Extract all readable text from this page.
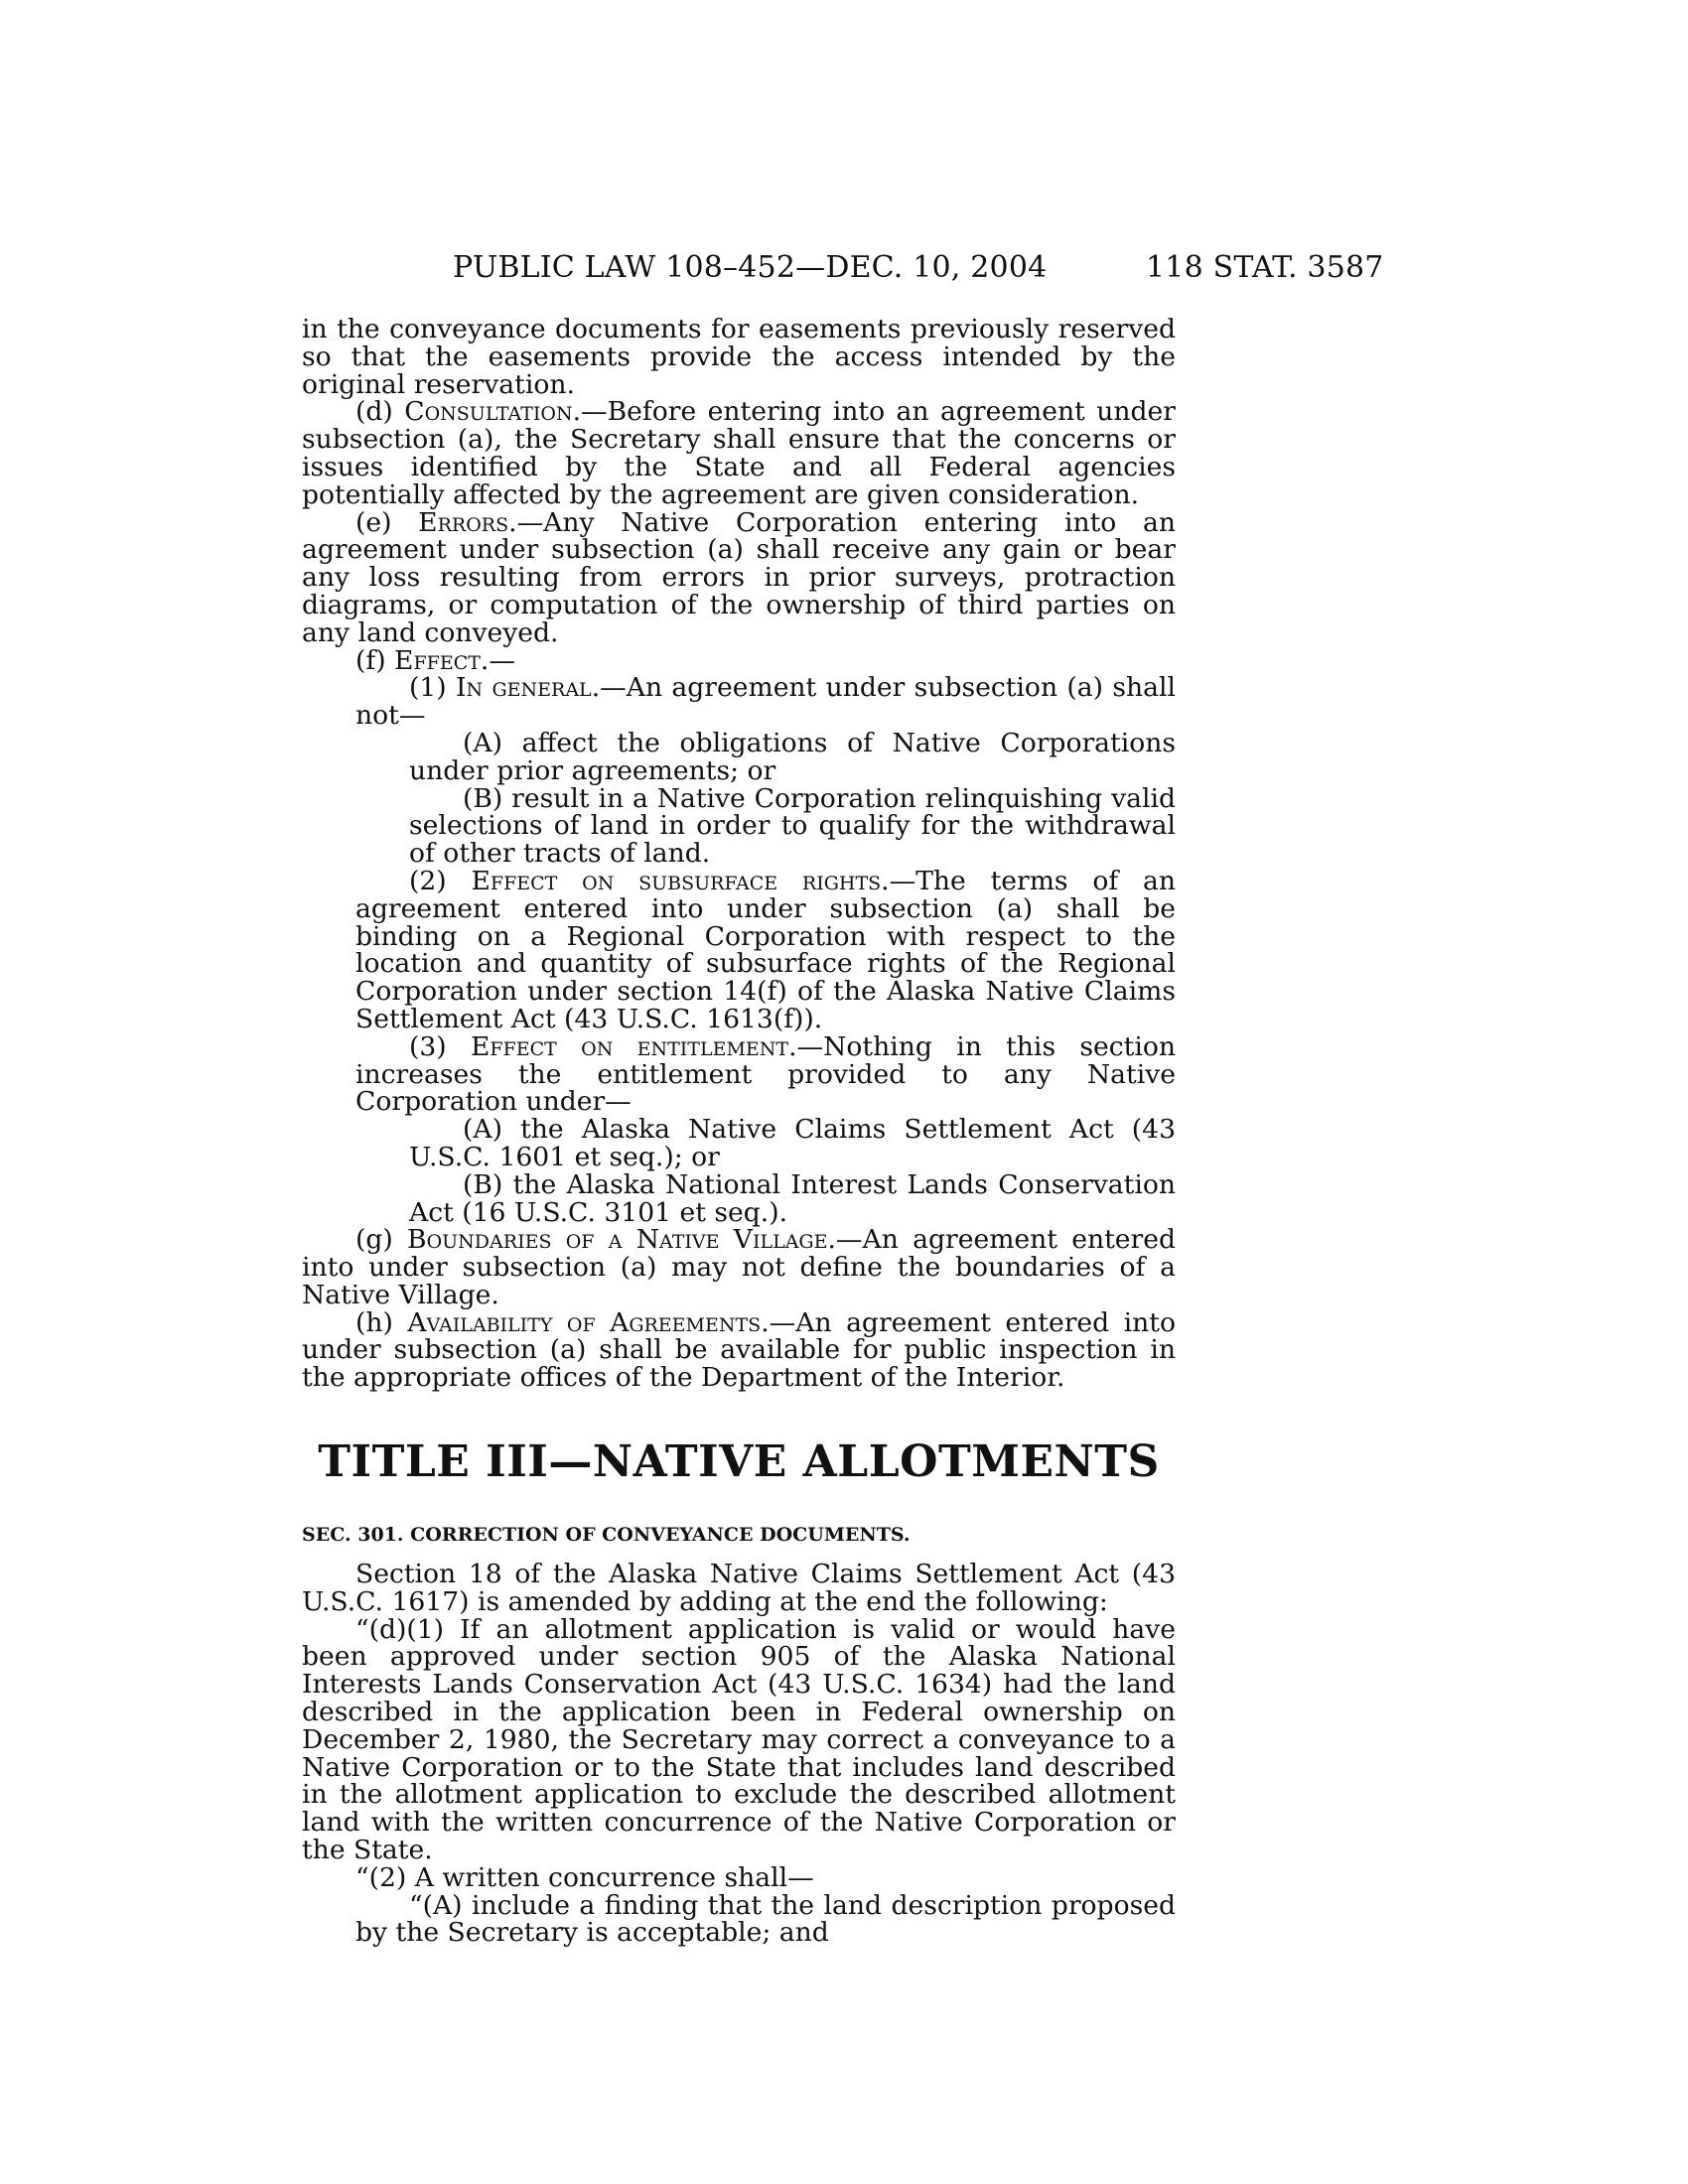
PUBLIC LAW 108–452—DEC. 10, 2004	118 STAT. 3587

in the conveyance documents for easements previously reserved so that the easements provide the access intended by the original reservation.

(d) Consultation.—Before entering into an agreement under subsection (a), the Secretary shall ensure that the concerns or issues identified by the State and all Federal agencies potentially affected by the agreement are given consideration.

(e) Errors.—Any Native Corporation entering into an agreement under subsection (a) shall receive any gain or bear any loss resulting from errors in prior surveys, protraction diagrams, or computation of the ownership of third parties on any land conveyed.

(f) Effect.—

(1) In general.—An agreement under subsection (a) shall not—

(A) affect the obligations of Native Corporations under prior agreements; or

(B) result in a Native Corporation relinquishing valid selections of land in order to qualify for the withdrawal of other tracts of land.

(2) Effect on subsurface rights.—The terms of an agreement entered into under subsection (a) shall be binding on a Regional Corporation with respect to the location and quantity of subsurface rights of the Regional Corporation under section 14(f) of the Alaska Native Claims Settlement Act (43 U.S.C. 1613(f)).

(3) Effect on entitlement.—Nothing in this section increases the entitlement provided to any Native Corporation under—

(A) the Alaska Native Claims Settlement Act (43 U.S.C. 1601 et seq.); or

(B) the Alaska National Interest Lands Conservation Act (16 U.S.C. 3101 et seq.).

(g) Boundaries of a Native Village.—An agreement entered into under subsection (a) may not define the boundaries of a Native Village.

(h) Availability of Agreements.—An agreement entered into under subsection (a) shall be available for public inspection in the appropriate offices of the Department of the Interior.

TITLE III—NATIVE ALLOTMENTS

SEC. 301. CORRECTION OF CONVEYANCE DOCUMENTS.

Section 18 of the Alaska Native Claims Settlement Act (43 U.S.C. 1617) is amended by adding at the end the following:

“(d)(1) If an allotment application is valid or would have been approved under section 905 of the Alaska National Interests Lands Conservation Act (43 U.S.C. 1634) had the land described in the application been in Federal ownership on December 2, 1980, the Secretary may correct a conveyance to a Native Corporation or to the State that includes land described in the allotment application to exclude the described allotment land with the written concurrence of the Native Corporation or the State.

“(2) A written concurrence shall—

“(A) include a finding that the land description proposed by the Secretary is acceptable; and
